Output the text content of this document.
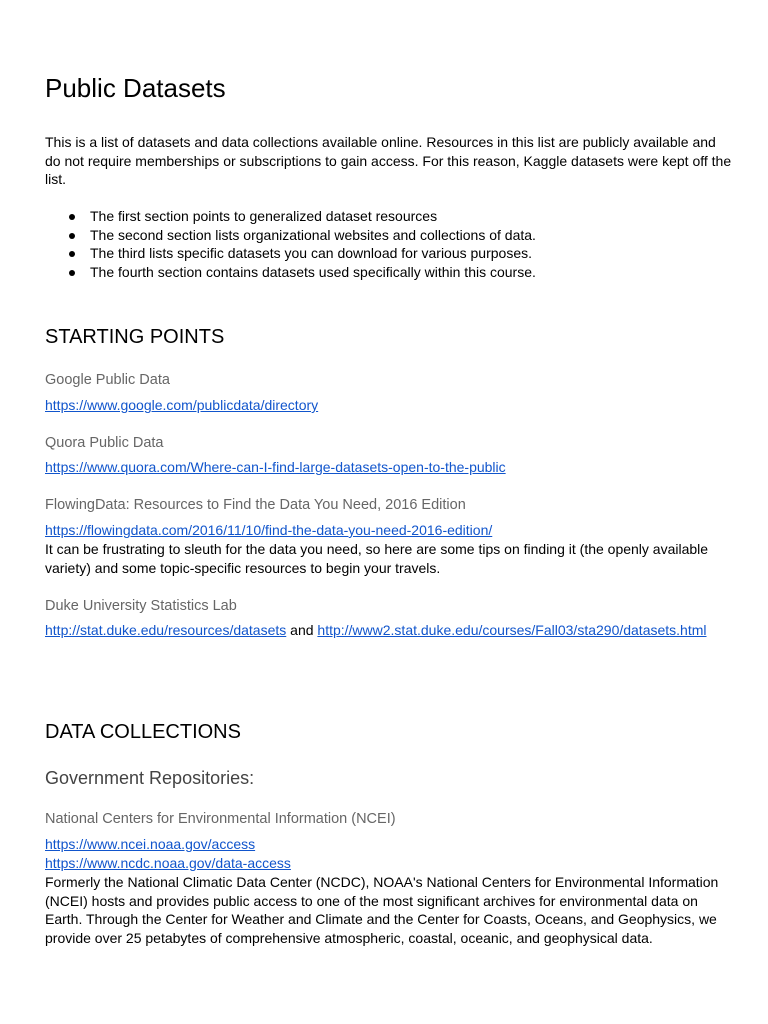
Public Datasets

This is a list of datasets and data collections available online. Resources in this list are publicly available and do not require memberships or subscriptions to gain access. For this reason, Kaggle datasets were kept off the list.

The first section points to generalized dataset resources
The second section lists organizational websites and collections of data.
The third lists specific datasets you can download for various purposes.
The fourth section contains datasets used specifically within this course.
STARTING POINTS
Google Public Data
https://www.google.com/publicdata/directory
Quora Public Data
https://www.quora.com/Where-can-I-find-large-datasets-open-to-the-public
FlowingData: Resources to Find the Data You Need, 2016 Edition
https://flowingdata.com/2016/11/10/find-the-data-you-need-2016-edition/

It can be frustrating to sleuth for the data you need, so here are some tips on finding it (the openly available variety) and some topic-specific resources to begin your travels.

Duke University Statistics Lab
http://stat.duke.edu/resources/datasets and http://www2.stat.duke.edu/courses/Fall03/sta290/datasets.html
DATA COLLECTIONS
Government Repositories:
National Centers for Environmental Information (NCEI)
https://www.ncei.noaa.gov/access
https://www.ncdc.noaa.gov/data-access

Formerly the National Climatic Data Center (NCDC), NOAA's National Centers for Environmental Information (NCEI) hosts and provides public access to one of the most significant archives for environmental data on Earth. Through the Center for Weather and Climate and the Center for Coasts, Oceans, and Geophysics, we provide over 25 petabytes of comprehensive atmospheric, coastal, oceanic, and geophysical data.
